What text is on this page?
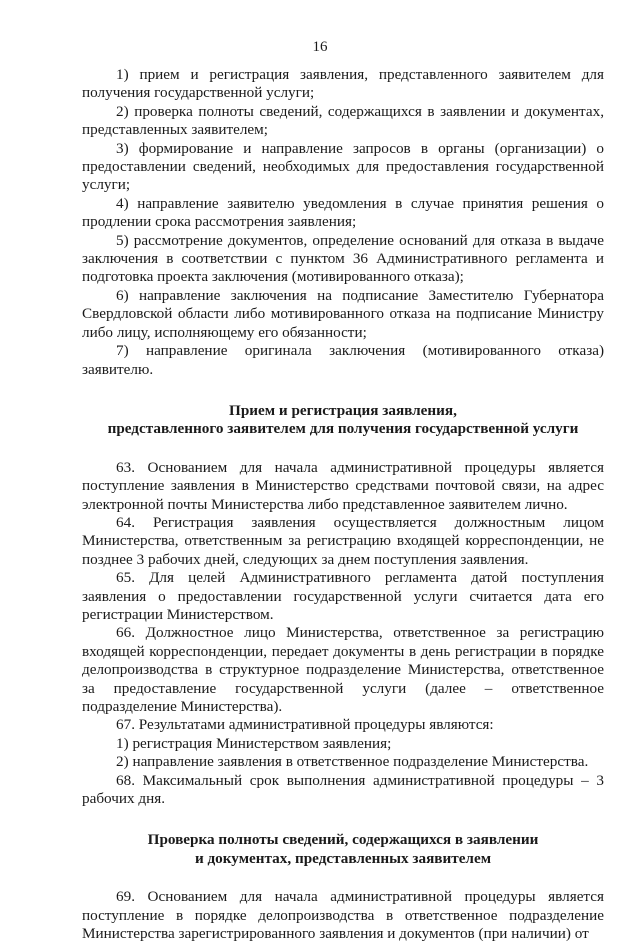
16

1) прием и регистрация заявления, представленного заявителем для получения государственной услуги;

2) проверка полноты сведений, содержащихся в заявлении и документах, представленных заявителем;

3) формирование и направление запросов в органы (организации) о предоставлении сведений, необходимых для предоставления государственной услуги;

4) направление заявителю уведомления в случае принятия решения о продлении срока рассмотрения заявления;

5) рассмотрение документов, определение оснований для отказа в выдаче заключения в соответствии с пунктом 36 Административного регламента и подготовка проекта заключения (мотивированного отказа);

6) направление заключения на подписание Заместителю Губернатора Свердловской области либо мотивированного отказа на подписание Министру либо лицу, исполняющему его обязанности;

7) направление оригинала заключения (мотивированного отказа) заявителю.

Прием и регистрация заявления,
представленного заявителем для получения государственной услуги

63. Основанием для начала административной процедуры является поступление заявления в Министерство средствами почтовой связи, на адрес электронной почты Министерства либо представленное заявителем лично.

64. Регистрация заявления осуществляется должностным лицом Министерства, ответственным за регистрацию входящей корреспонденции, не позднее 3 рабочих дней, следующих за днем поступления заявления.

65. Для целей Административного регламента датой поступления заявления о предоставлении государственной услуги считается дата его регистрации Министерством.

66. Должностное лицо Министерства, ответственное за регистрацию входящей корреспонденции, передает документы в день регистрации в порядке делопроизводства в структурное подразделение Министерства, ответственное за предоставление государственной услуги (далее – ответственное подразделение Министерства).

67. Результатами административной процедуры являются:

1) регистрация Министерством заявления;

2) направление заявления в ответственное подразделение Министерства.

68. Максимальный срок выполнения административной процедуры – 3 рабочих дня.

Проверка полноты сведений, содержащихся в заявлении
и документах, представленных заявителем

69. Основанием для начала административной процедуры является поступление в порядке делопроизводства в ответственное подразделение Министерства зарегистрированного заявления и документов (при наличии) от
